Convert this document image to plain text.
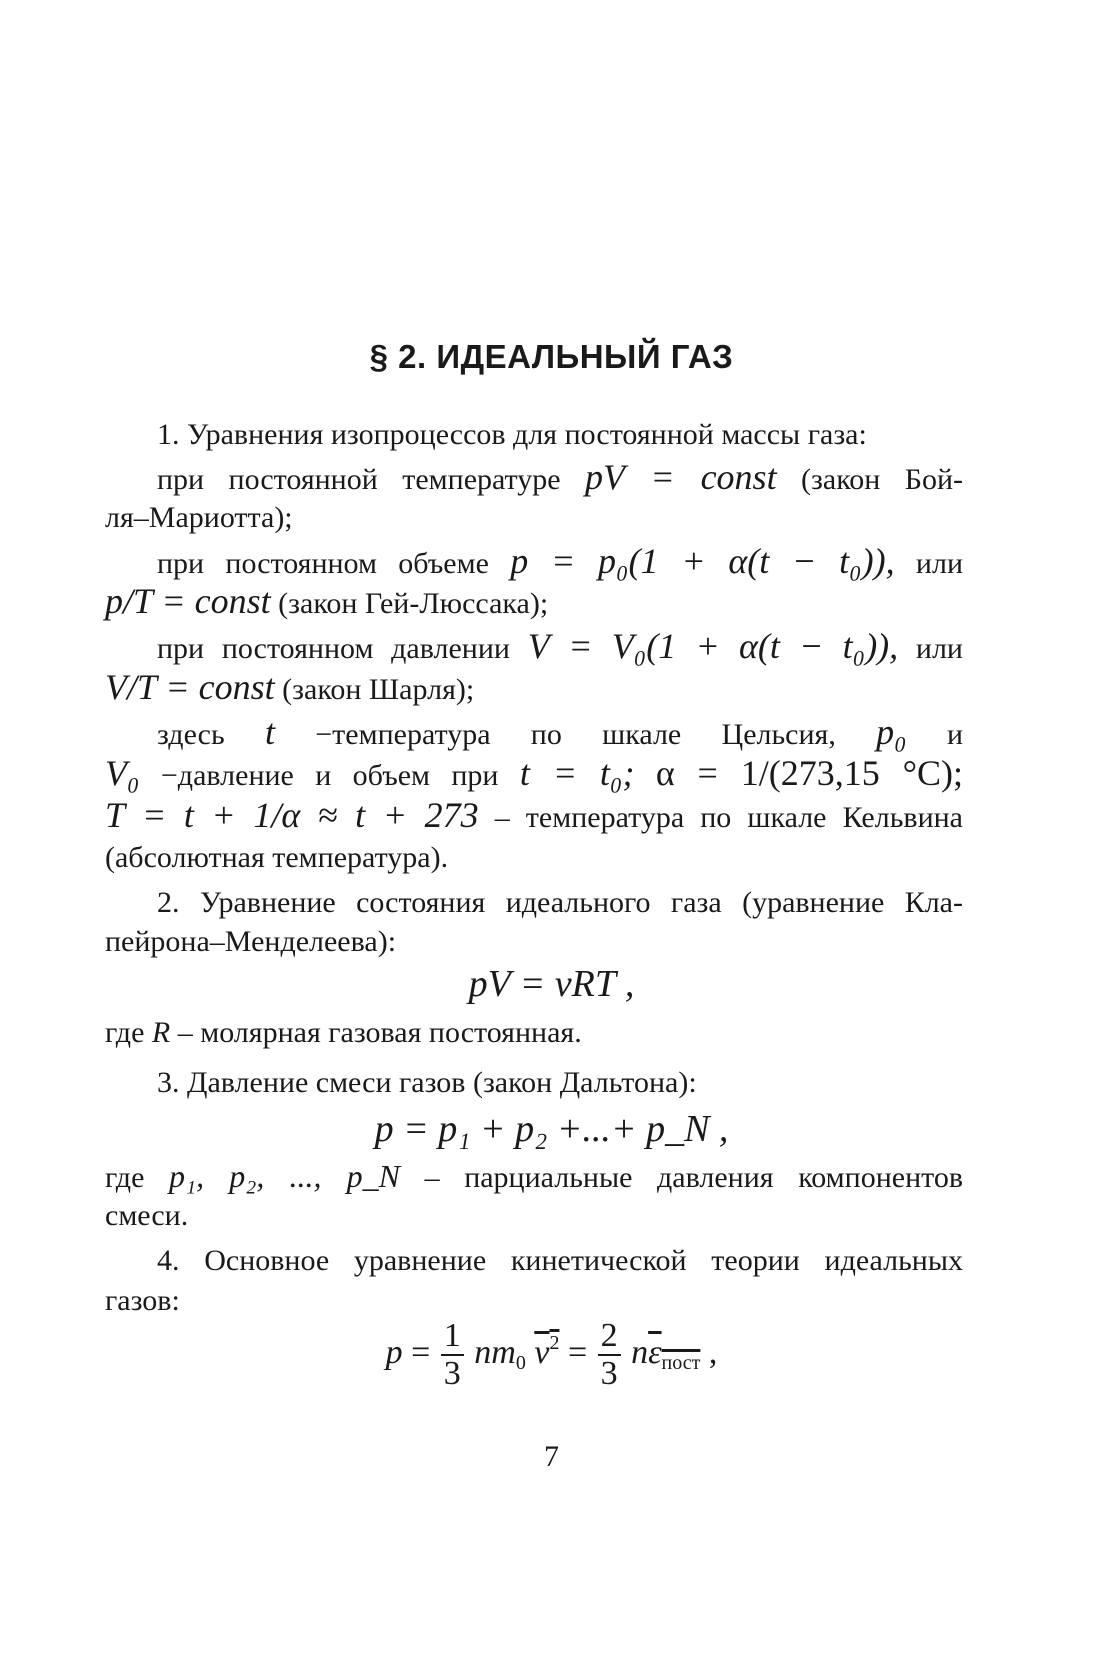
§ 2. ИДЕАЛЬНЫЙ ГАЗ
1. Уравнения изопроцессов для постоянной массы газа:
при постоянной температуре pV = const (закон Бой-
ля–Мариотта);
при постоянном объеме p = p₀(1 + α(t − t₀)), или
p/T = const (закон Гей-Люссака);
при постоянном давлении V = V₀(1 + α(t − t₀)), или
V/T = const (закон Шарля);
здесь t −температура по шкале Цельсия, p₀ и
V₀ −давление и объем при t = t₀; α = 1/(273,15 °С);
T = t + 1/α ≈ t + 273 – температура по шкале Кельвина
(абсолютная температура).
2. Уравнение состояния идеального газа (уравнение Кла-
пейрона–Менделеева):
pV = νRT ,
где R – молярная газовая постоянная.
3. Давление смеси газов (закон Дальтона):
p = p₁ + p₂ +...+ p_N ,
где p₁, p₂, ..., p_N – парциальные давления компонентов
смеси.
4. Основное уравнение кинетической теории идеальных
газов:
$p = \frac{1}{3} nm_0$ $v^2 = \frac{2}{3} n\varepsilon_{пост}$ ,
7
